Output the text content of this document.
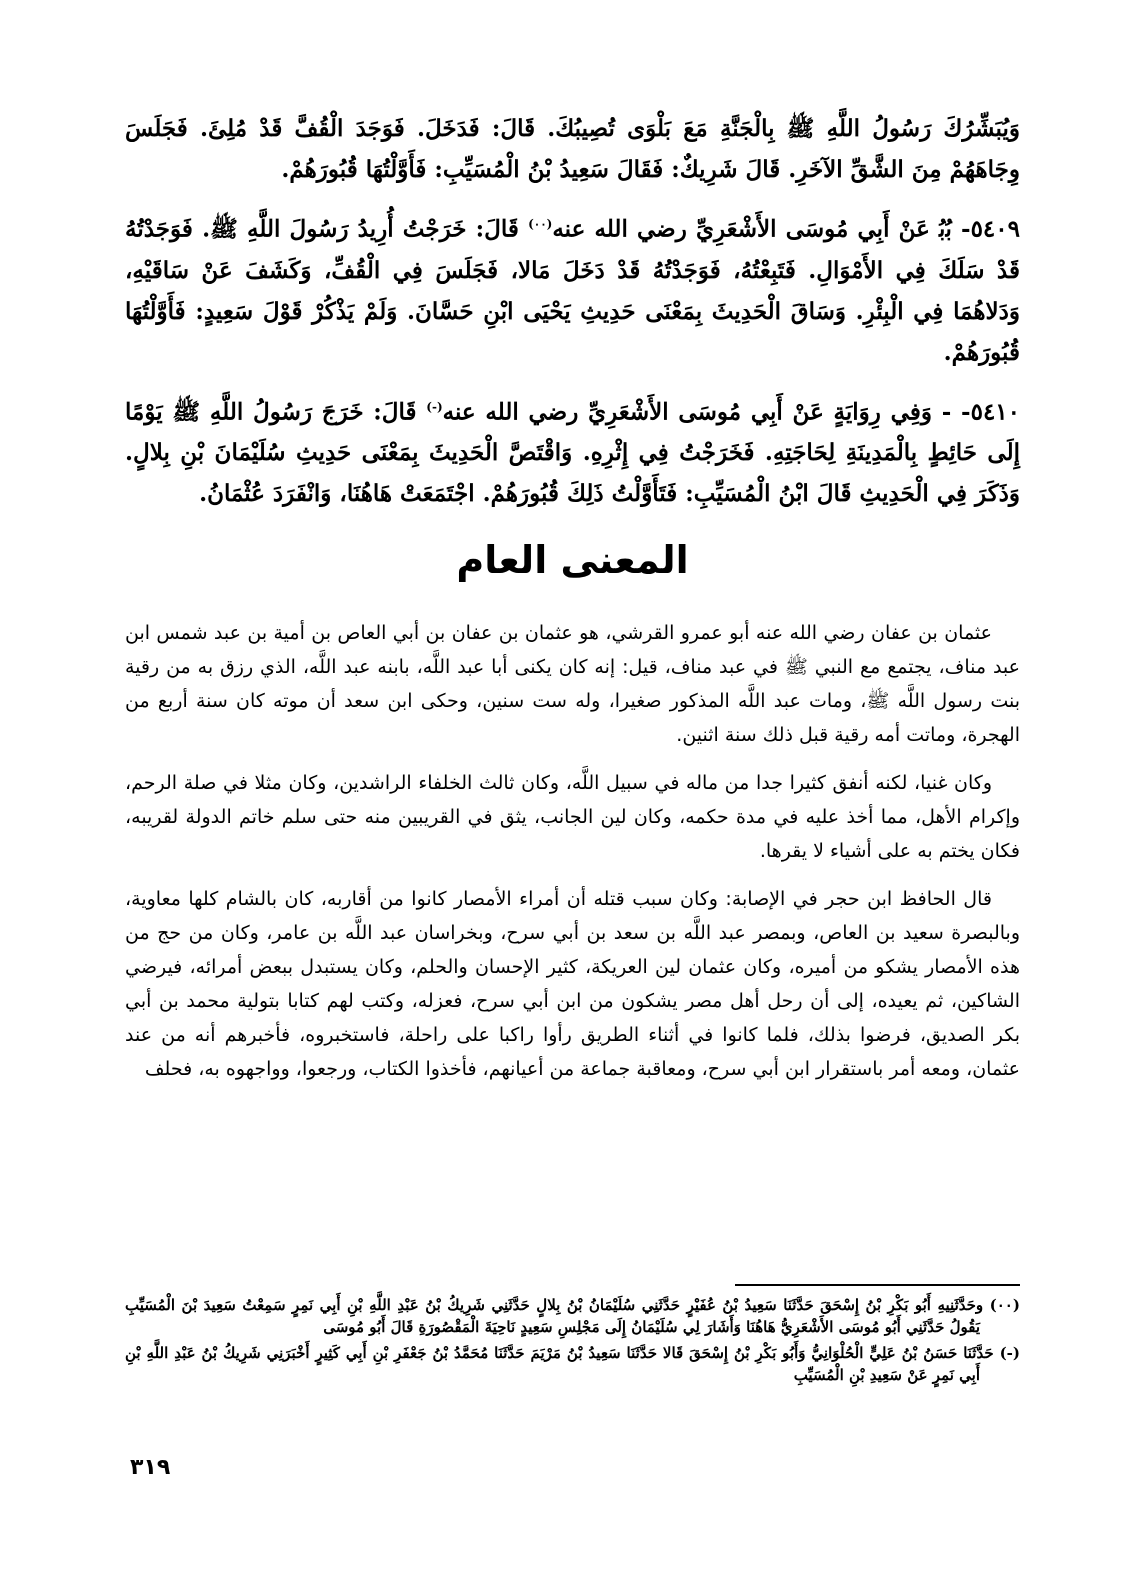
وَيُبَشِّرُكَ رَسُولُ اللَّهِ ﷺ بِالْجَنَّةِ مَعَ بَلْوَى تُصِيبُكَ. قَالَ: فَدَخَلَ. فَوَجَدَ الْقُفَّ قَدْ مُلِئَ. فَجَلَسَ وِجَاهَهُمْ مِنَ الشَّقِّ الآخَرِ. قَالَ شَرِيكٌ: فَقَالَ سَعِيدُ بْنُ الْمُسَيِّبِ: فَأَوَّلْتُهَا قُبُورَهُمْ.

٥٤٠٩- ﺑُﺑُ عَنْ أَبِي مُوسَى الأَشْعَرِيِّ رضي الله عنه$^{(٠٠)}$ قَالَ: خَرَجْتُ أُرِيدُ رَسُولَ اللَّهِ ﷺ. فَوَجَدْتُهُ قَدْ سَلَكَ فِي الأَمْوَالِ. فَتَبِعْتُهُ، فَوَجَدْتُهُ قَدْ دَخَلَ مَالا، فَجَلَسَ فِي الْقُفِّ، وَكَشَفَ عَنْ سَاقَيْهِ، وَدَلاهُمَا فِي الْبِئْرِ. وَسَاقَ الْحَدِيثَ بِمَعْنَى حَدِيثِ يَحْيَى ابْنِ حَسَّانَ. وَلَمْ يَذْكُرْ قَوْلَ سَعِيدٍ: فَأَوَّلْتُهَا قُبُورَهُمْ.

٥٤١٠- - وَفِي رِوَايَةٍ عَنْ أَبِي مُوسَى الأَشْعَرِيِّ رضي الله عنه(-) قَالَ: خَرَجَ رَسُولُ اللَّهِ ﷺ يَوْمًا إِلَى حَائِطٍ بِالْمَدِينَةِ لِحَاجَتِهِ. فَخَرَجْتُ فِي إِثْرِهِ. وَاقْتَصَّ الْحَدِيثَ بِمَعْنَى حَدِيثِ سُلَيْمَانَ بْنِ بِلالٍ. وَذَكَرَ فِي الْحَدِيثِ قَالَ ابْنُ الْمُسَيِّبِ: فَتَأَوَّلْتُ ذَلِكَ قُبُورَهُمْ. اجْتَمَعَتْ هَاهُنَا، وَانْفَرَدَ عُثْمَانُ.

المعنى العام

عثمان بن عفان رضي الله عنه أبو عمرو القرشي، هو عثمان بن عفان بن أبي العاص بن أمية بن عبد شمس ابن عبد مناف، يجتمع مع النبي ﷺ في عبد مناف، قيل: إنه كان يكنى أبا عبد اللَّه، بابنه عبد اللَّه، الذي رزق به من رقية بنت رسول اللَّه ﷺ، ومات عبد اللَّه المذكور صغيرا، وله ست سنين، وحكى ابن سعد أن موته كان سنة أربع من الهجرة، وماتت أمه رقية قبل ذلك سنة اثنين.

وكان غنيا، لكنه أنفق كثيرا جدا من ماله في سبيل اللَّه، وكان ثالث الخلفاء الراشدين، وكان مثلا في صلة الرحم، وإكرام الأهل، مما أخذ عليه في مدة حكمه، وكان لين الجانب، يثق في القريبين منه حتى سلم خاتم الدولة لقريبه، فكان يختم به على أشياء لا يقرها.

قال الحافظ ابن حجر في الإصابة: وكان سبب قتله أن أمراء الأمصار كانوا من أقاربه، كان بالشام كلها معاوية، وبالبصرة سعيد بن العاص، وبمصر عبد اللَّه بن سعد بن أبي سرح، وبخراسان عبد اللَّه بن عامر، وكان من حج من هذه الأمصار يشكو من أميره، وكان عثمان لين العريكة، كثير الإحسان والحلم، وكان يستبدل ببعض أمرائه، فيرضي الشاكين، ثم يعيده، إلى أن رحل أهل مصر يشكون من ابن أبي سرح، فعزله، وكتب لهم كتابا بتولية محمد بن أبي بكر الصديق، فرضوا بذلك، فلما كانوا في أثناء الطريق رأوا راكبا على راحلة، فاستخبروه، فأخبرهم أنه من عند عثمان، ومعه أمر باستقرار ابن أبي سرح، ومعاقبة جماعة من أعيانهم، فأخذوا الكتاب، ورجعوا، وواجهوه به، فحلف

(٠٠) وحَدَّثَنِيهِ أَبُو بَكْرِ بْنُ إِسْحَقَ حَدَّثَنَا سَعِيدُ بْنُ عُفَيْرٍ حَدَّثَنِي سُلَيْمَانُ بْنُ بِلالٍ حَدَّثَنِي شَرِيكُ بْنُ عَبْدِ اللَّهِ بْنِ أَبِي نَمِرٍ سَمِعْتُ سَعِيدَ بْنَ الْمُسَيِّبِ يَقُولُ حَدَّثَنِي أَبُو مُوسَى الأَشْعَرِيُّ هَاهُنَا وَأَشَارَ لِي سُلَيْمَانُ إِلَى مَجْلِسِ سَعِيدٍ نَاحِيَةَ الْمَقْصُورَةِ قَالَ أَبُو مُوسَى

(-) حَدَّثَنَا حَسَنُ بْنُ عَلِيٍّ الْحُلْوَانِيُّ وَأَبُو بَكْرِ بْنُ إِسْحَقَ قَالا حَدَّثَنَا سَعِيدُ بْنُ مَرْيَمَ حَدَّثَنَا مُحَمَّدُ بْنُ جَعْفَرِ بْنِ أَبِي كَثِيرٍ أَخْبَرَنِي شَرِيكُ بْنُ عَبْدِ اللَّهِ بْنِ أَبِي نَمِرٍ عَنْ سَعِيدِ بْنِ الْمُسَيِّبِ

٣١٩
